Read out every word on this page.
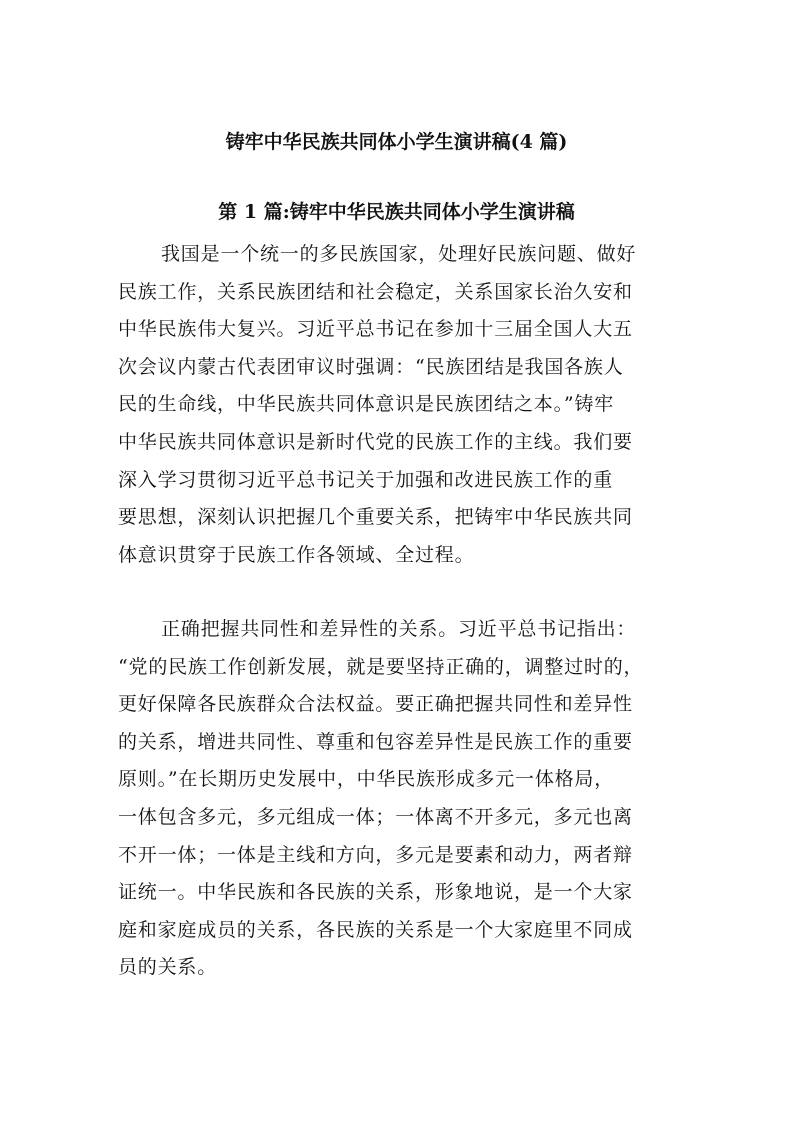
铸牢中华民族共同体小学生演讲稿(4 篇)
第 1 篇:铸牢中华民族共同体小学生演讲稿
我国是一个统一的多民族国家，处理好民族问题、做好
民族工作，关系民族团结和社会稳定，关系国家长治久安和
中华民族伟大复兴。习近平总书记在参加十三届全国人大五
次会议内蒙古代表团审议时强调：“民族团结是我国各族人
民的生命线，中华民族共同体意识是民族团结之本。”铸牢
中华民族共同体意识是新时代党的民族工作的主线。我们要
深入学习贯彻习近平总书记关于加强和改进民族工作的重
要思想，深刻认识把握几个重要关系，把铸牢中华民族共同
体意识贯穿于民族工作各领域、全过程。
正确把握共同性和差异性的关系。习近平总书记指出：
“党的民族工作创新发展，就是要坚持正确的，调整过时的，
更好保障各民族群众合法权益。要正确把握共同性和差异性
的关系，增进共同性、尊重和包容差异性是民族工作的重要
原则。”在长期历史发展中，中华民族形成多元一体格局，
一体包含多元，多元组成一体；一体离不开多元，多元也离
不开一体；一体是主线和方向，多元是要素和动力，两者辩
证统一。中华民族和各民族的关系，形象地说，是一个大家
庭和家庭成员的关系，各民族的关系是一个大家庭里不同成
员的关系。
